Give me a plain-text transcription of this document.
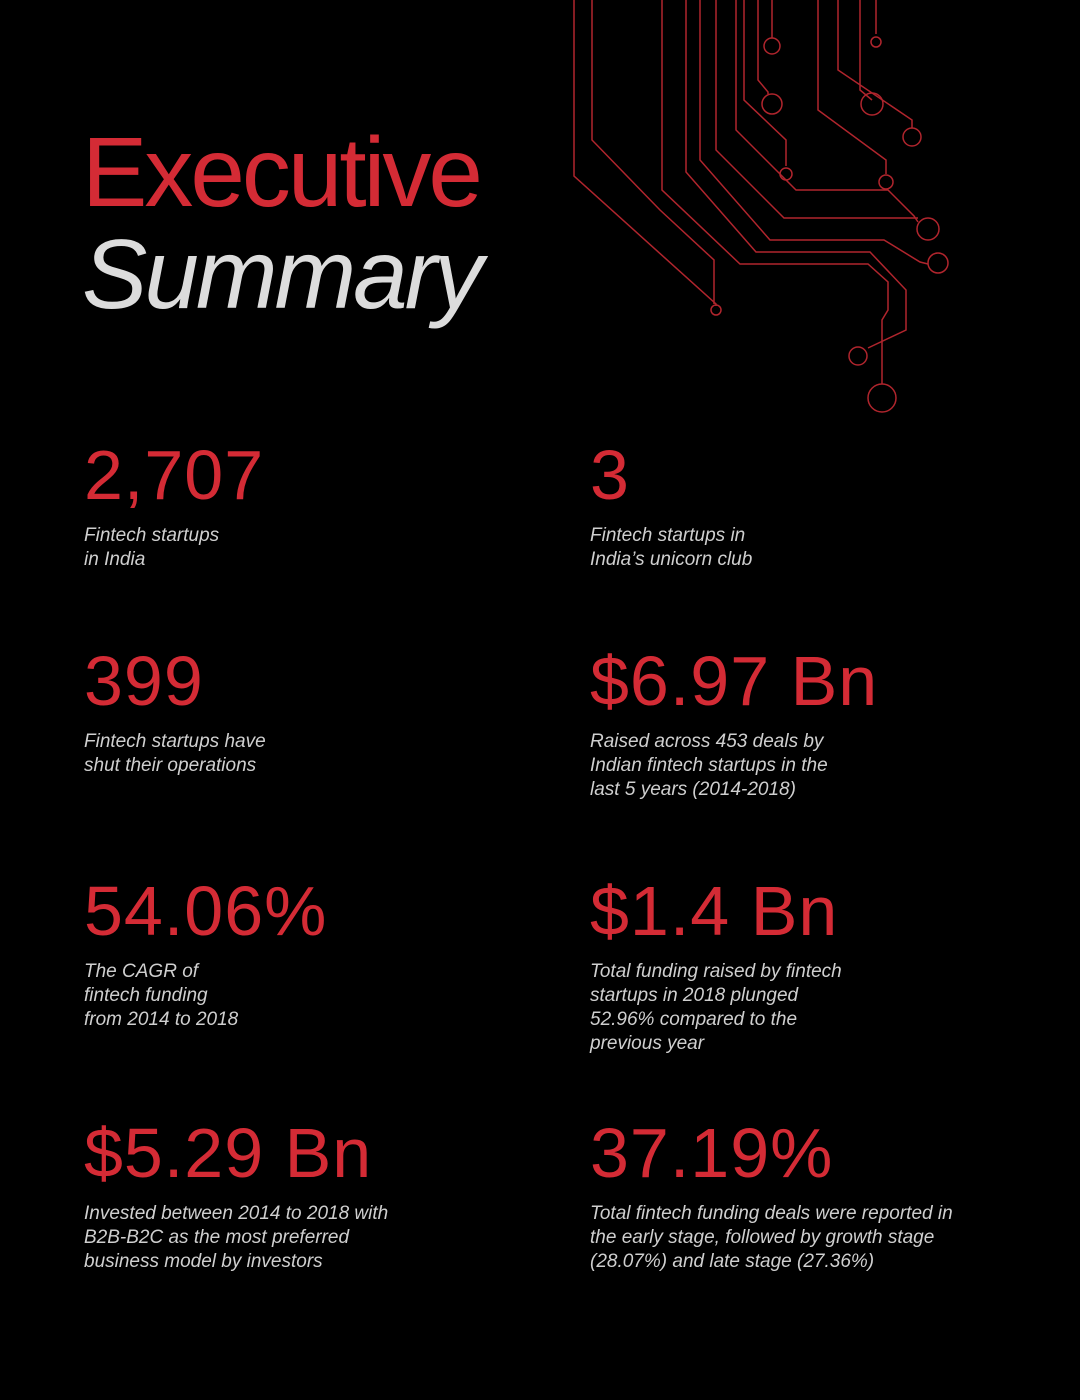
Executive
Summary
2,707
Fintech startups
in India
3
Fintech startups in
India’s unicorn club
399
Fintech startups have
shut their operations
$6.97 Bn
Raised across 453 deals by
Indian fintech startups in the
last 5 years (2014-2018)
54.06%
The CAGR of
fintech funding
from 2014 to 2018
$1.4 Bn
Total funding raised by fintech
startups in 2018 plunged
52.96% compared to the
previous year
$5.29 Bn
Invested between 2014 to 2018 with
B2B-B2C as the most preferred
business model by investors
37.19%
Total fintech funding deals were reported in
the early stage, followed by growth stage
(28.07%) and late stage (27.36%)
